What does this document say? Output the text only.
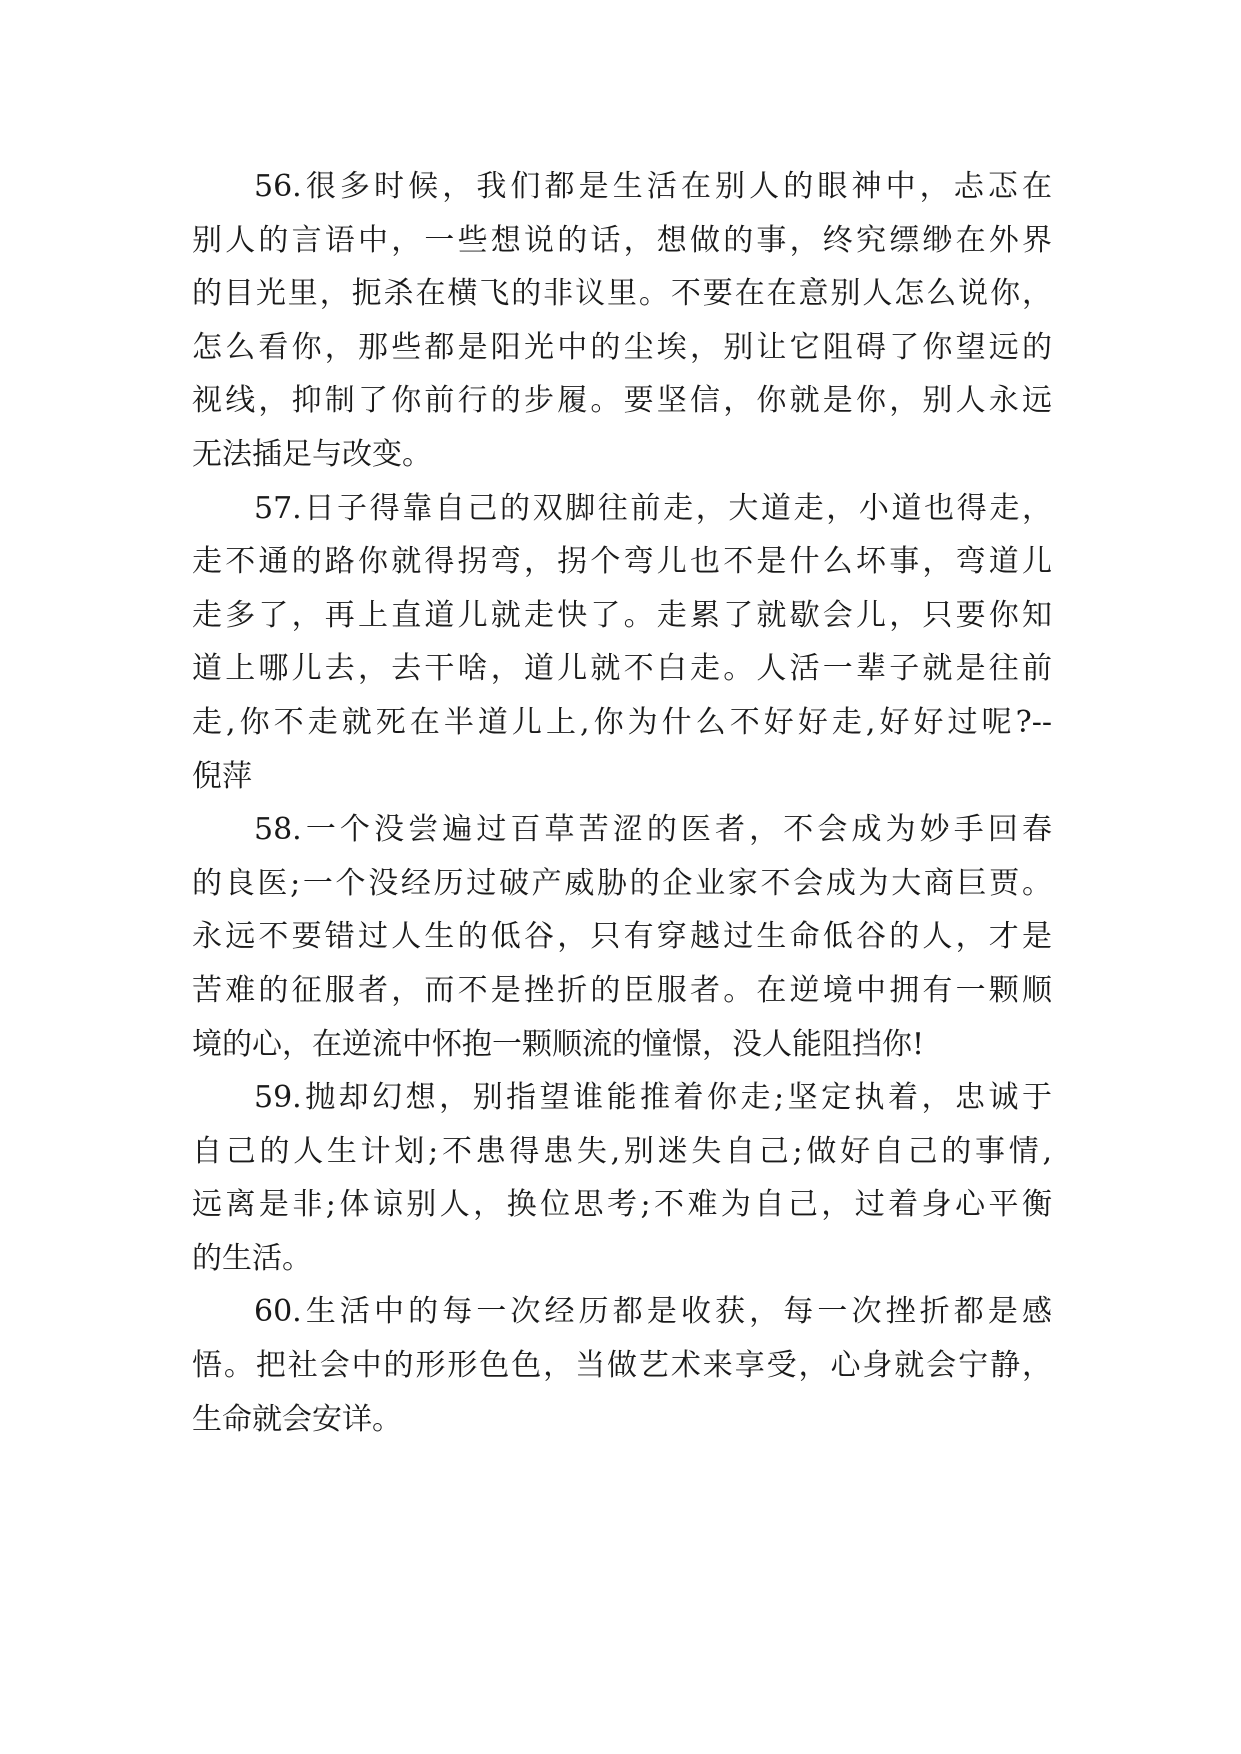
56.很多时候，我们都是生活在别人的眼神中，忐忑在
别人的言语中，一些想说的话，想做的事，终究缥缈在外界
的目光里，扼杀在横飞的非议里。不要在在意别人怎么说你，
怎么看你，那些都是阳光中的尘埃，别让它阻碍了你望远的
视线，抑制了你前行的步履。要坚信，你就是你，别人永远
无法插足与改变。
57.日子得靠自己的双脚往前走，大道走，小道也得走，
走不通的路你就得拐弯，拐个弯儿也不是什么坏事，弯道儿
走多了，再上直道儿就走快了。走累了就歇会儿，只要你知
道上哪儿去，去干啥，道儿就不白走。人活一辈子就是往前
走,你不走就死在半道儿上,你为什么不好好走,好好过呢?--
倪萍
58.一个没尝遍过百草苦涩的医者，不会成为妙手回春
的良医;一个没经历过破产威胁的企业家不会成为大商巨贾。
永远不要错过人生的低谷，只有穿越过生命低谷的人，才是
苦难的征服者，而不是挫折的臣服者。在逆境中拥有一颗顺
境的心，在逆流中怀抱一颗顺流的憧憬，没人能阻挡你!
59.抛却幻想，别指望谁能推着你走;坚定执着，忠诚于
自己的人生计划;不患得患失,别迷失自己;做好自己的事情,
远离是非;体谅别人，换位思考;不难为自己，过着身心平衡
的生活。
60.生活中的每一次经历都是收获，每一次挫折都是感
悟。把社会中的形形色色，当做艺术来享受，心身就会宁静，
生命就会安详。
